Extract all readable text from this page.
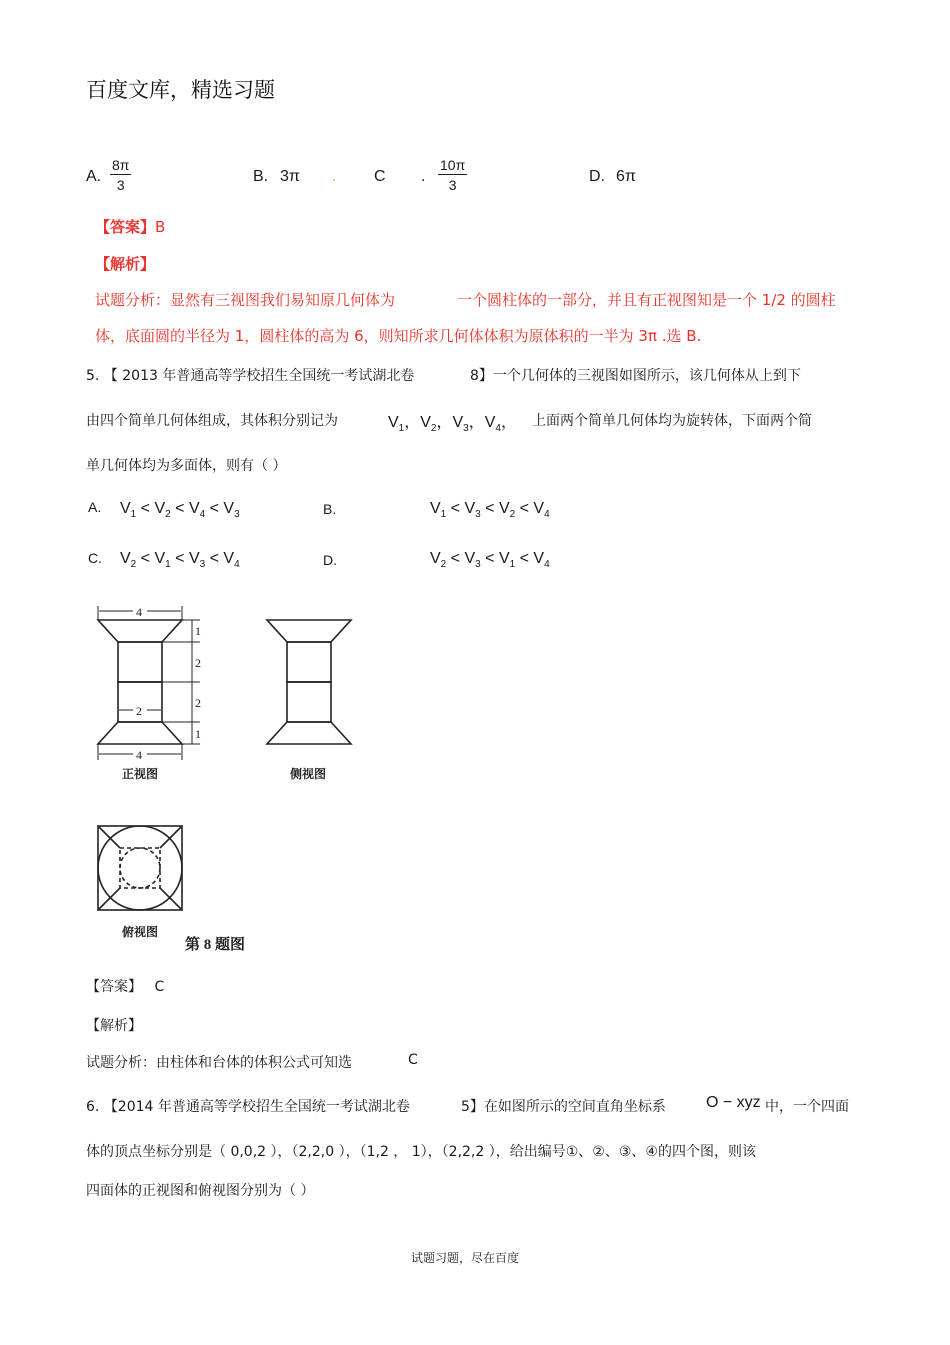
百度文库，精选习题
A. $\frac{8\pi}{3}$	B. 3π . C . $\frac{10\pi}{3}$	D. 6π
【答案】B
【解析】
试题分析：显然有三视图我们易知原几何体为	一个圆柱体的一部分，并且有正视图知是一个 1/2 的圆柱
体，底面圆的半径为 1，圆柱体的高为 6，则知所求几何体体积为原体积的一半为 3π .选 B.
5. 【 2013 年普通高等学校招生全国统一考试湖北卷	8】一个几何体的三视图如图所示，该几何体从上到下
由四个简单几何体组成，其体积分别记为	$V_1$，$V_2$，$V_3$，$V_4$， 上面两个简单几何体均为旋转体，下面两个简
单几何体均为多面体，则有（ ）
A. $V_1 < V_2 < V_4 < V_3$	B.	$V_1 < V_3 < V_2 < V_4$
C. $V_2 < V_1 < V_3 < V_4$	D.	$V_2 < V_3 < V_1 < V_4$
4
4
2
1
2
2
1
正视图	侧视图
俯视图
第 8 题图
【答案】 C
【解析】
试题分析：由柱体和台体的体积公式可知选	C
6. 【2014 年普通高等学校招生全国统一考试湖北卷	5】在如图所示的空间直角坐标系	O − xyz 中，一个四面
体的顶点坐标分别是（ 0,0,2 ），（2,2,0 ），（1,2 ， 1），（2,2,2 ），给出编号①、②、③、④的四个图，则该
四面体的正视图和俯视图分别为（ ）
试题习题，尽在百度
